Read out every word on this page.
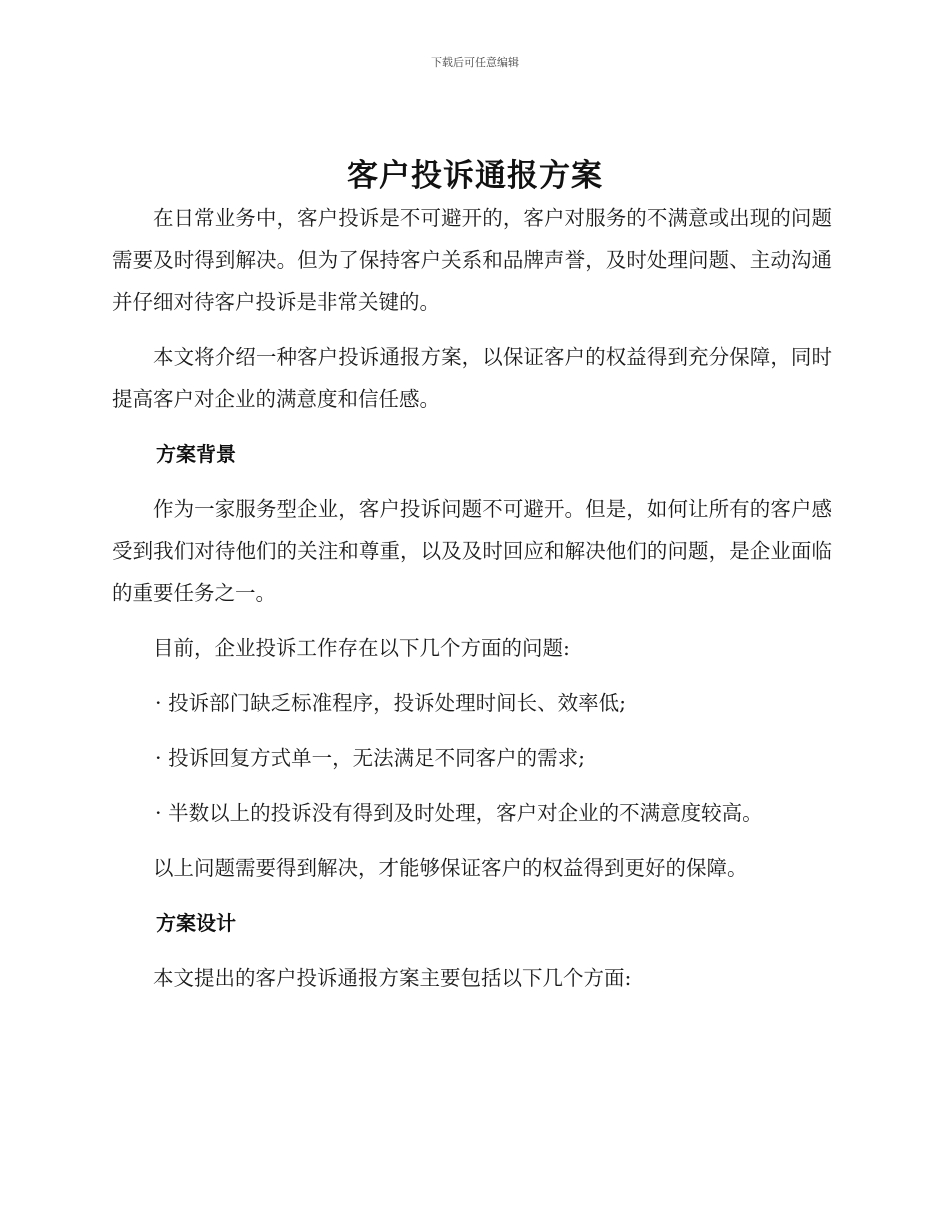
下载后可任意编辑
客户投诉通报方案

在日常业务中，客户投诉是不可避开的，客户对服务的不满意或出现的问题需要及时得到解决。但为了保持客户关系和品牌声誉，及时处理问题、主动沟通并仔细对待客户投诉是非常关键的。

本文将介绍一种客户投诉通报方案，以保证客户的权益得到充分保障，同时提高客户对企业的满意度和信任感。

方案背景

作为一家服务型企业，客户投诉问题不可避开。但是，如何让所有的客户感受到我们对待他们的关注和尊重，以及及时回应和解决他们的问题，是企业面临的重要任务之一。

目前，企业投诉工作存在以下几个方面的问题:

· 投诉部门缺乏标准程序，投诉处理时间长、效率低;
· 投诉回复方式单一，无法满足不同客户的需求;
· 半数以上的投诉没有得到及时处理，客户对企业的不满意度较高。

以上问题需要得到解决，才能够保证客户的权益得到更好的保障。

方案设计

本文提出的客户投诉通报方案主要包括以下几个方面:
